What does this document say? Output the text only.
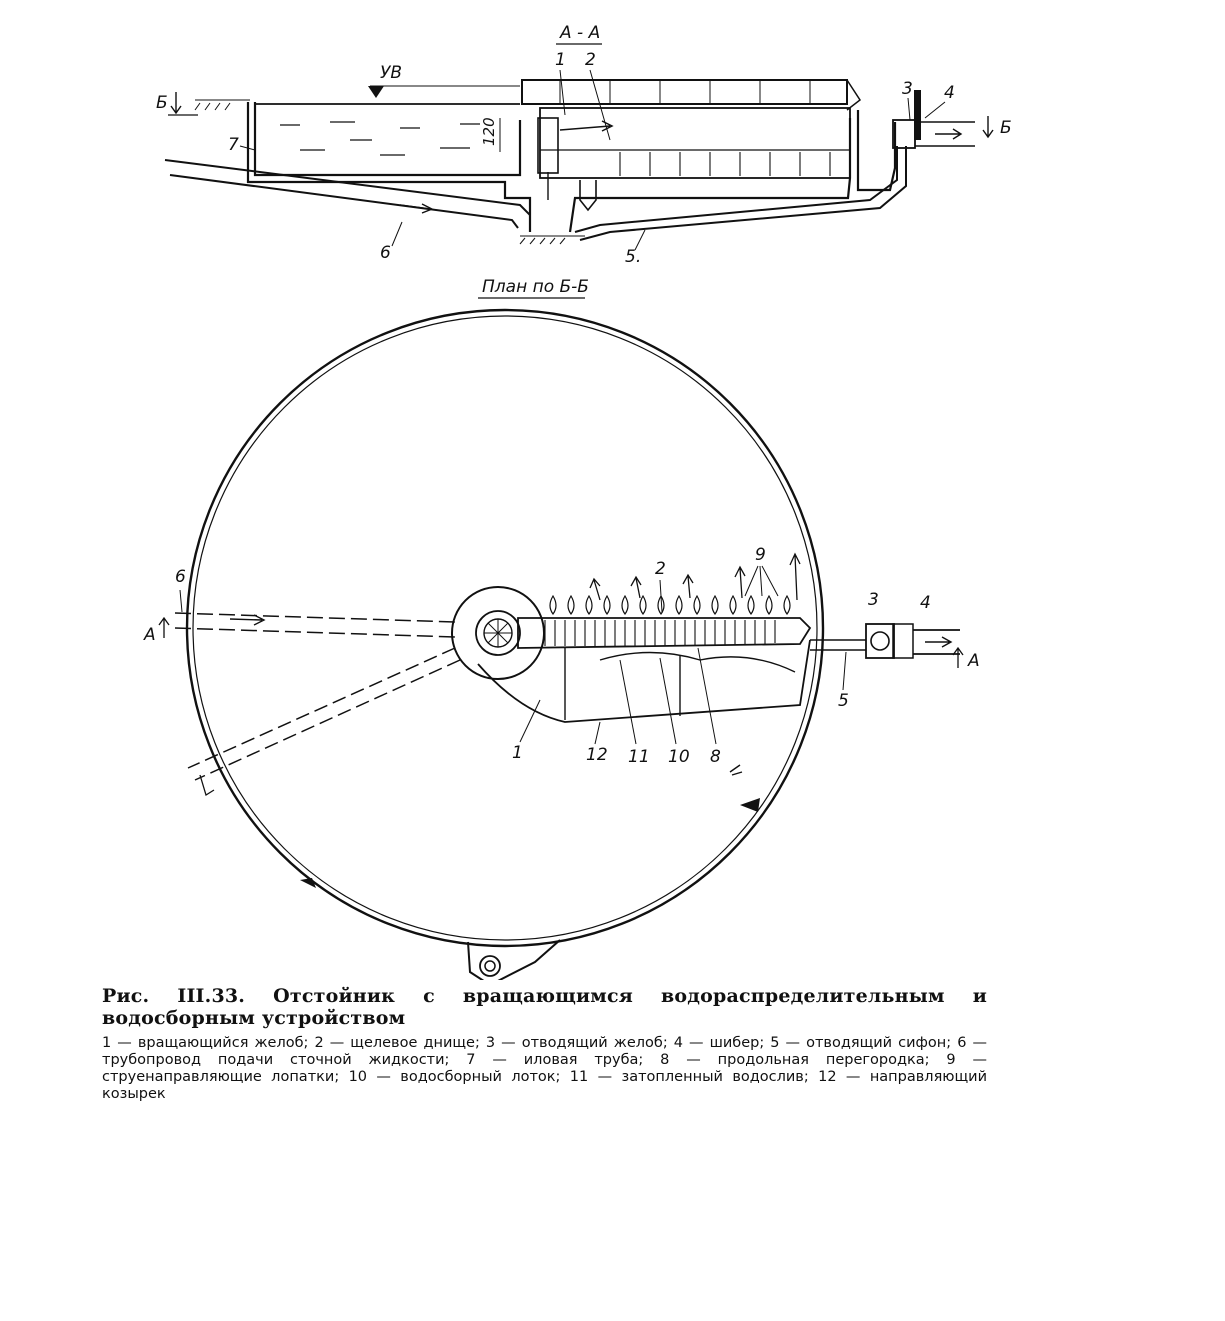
А - А
Б
Б
УВ
120
3 4
7
6	5.
1 2
План по Б-Б
6
А
А
2
9
3 4
5
1	12 11 10 8

Рис. III.33. Отстойник с вращающимся водораспределительным и водосборным устройством

1 — вращающийся желоб; 2 — щелевое днище; 3 — отводящий желоб; 4 — шибер; 5 — отводящий сифон; 6 — трубопровод подачи сточной жидкости; 7 — иловая труба; 8 — продольная перегородка; 9 — струенаправляющие лопатки; 10 — водосборный лоток; 11 — затопленный водослив; 12 — направляющий козырек
